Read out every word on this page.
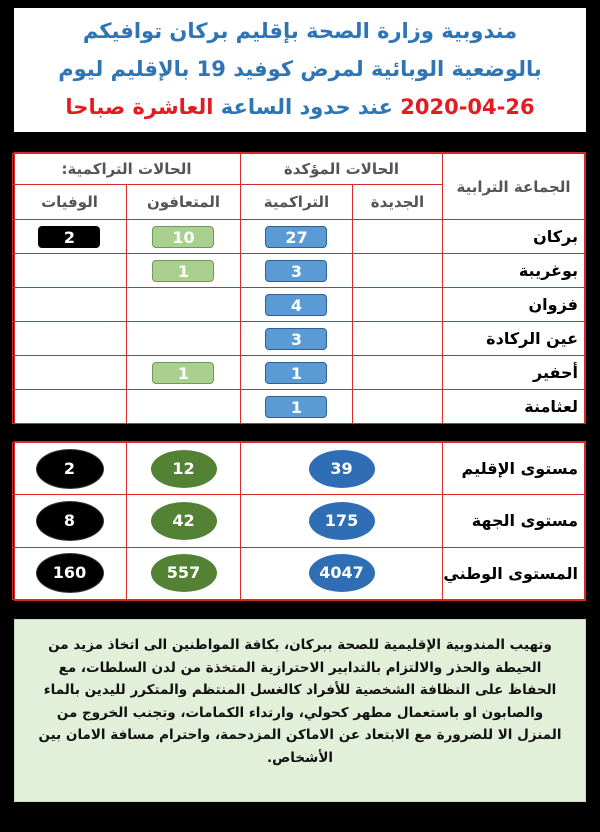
مندوبية وزارة الصحة بإقليم بركان توافيكم
بالوضعية الوبائية لمرض كوفيد 19 بالإقليم ليوم
2020-04-26 عند حدود الساعة العاشرة صباحا
الجماعة الترابية	الحالات المؤكدة		الحالات التراكمية:	
	الجديدة	التراكمية	المتعافون	الوفيات
بركان		27	10	2
بوغريبة		3	1	
فزوان		4		
عين الركادة		3		
أحفير		1	1	
لعثامنة		1		
مستوى الإقليم	39	12	2
مستوى الجهة	175	42	8
المستوى الوطني	4047	557	160
وتهيب المندوبية الإقليمية للصحة ببركان، بكافة المواطنين الى اتخاذ مزيد من الحيطة والحذر والالتزام بالتدابير الاحترازية المتخذة من لدن السلطات، مع الحفاظ على النظافة الشخصية للأفراد كالغسل المنتظم والمتكرر لليدين بالماء والصابون او باستعمال مطهر كحولي، وارتداء الكمامات، وتجنب الخروج من المنزل الا للضرورة مع الابتعاد عن الاماكن المزدحمة، واحترام مسافة الامان بين الأشخاص.
